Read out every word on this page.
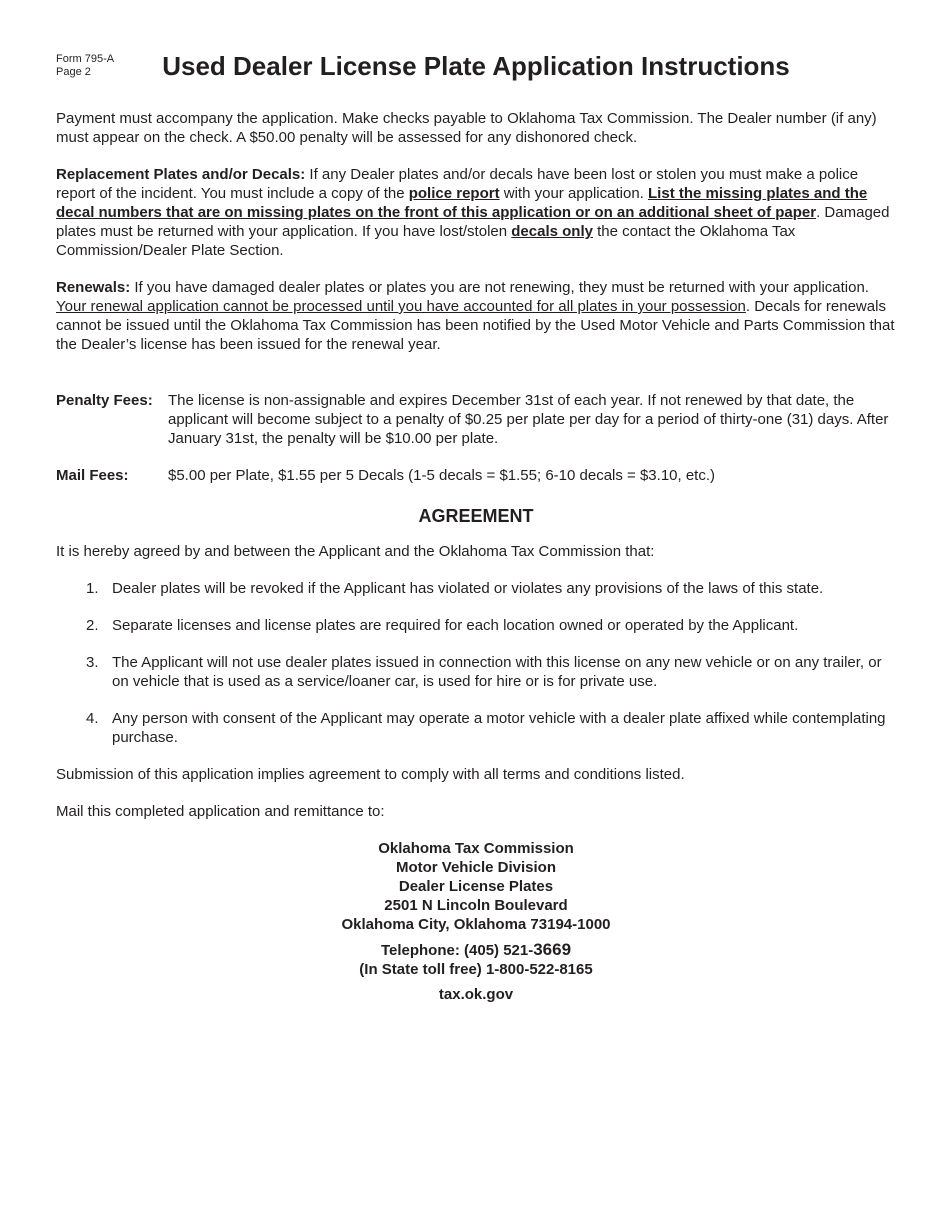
Form 795-A
Page 2	Used Dealer License Plate Application Instructions

Payment must accompany the application. Make checks payable to Oklahoma Tax Commission. The Dealer number (if any) must appear on the check. A $50.00 penalty will be assessed for any dishonored check.

Replacement Plates and/or Decals: If any Dealer plates and/or decals have been lost or stolen you must make a police report of the incident. You must include a copy of the police report with your application. List the missing plates and the decal numbers that are on missing plates on the front of this application or on an additional sheet of paper. Damaged plates must be returned with your application. If you have lost/stolen decals only the contact the Oklahoma Tax Commission/Dealer Plate Section.

Renewals: If you have damaged dealer plates or plates you are not renewing, they must be returned with your application. Your renewal application cannot be processed until you have accounted for all plates in your possession. Decals for renewals cannot be issued until the Oklahoma Tax Commission has been notified by the Used Motor Vehicle and Parts Commission that the Dealer’s license has been issued for the renewal year.

Penalty Fees:	The license is non-assignable and expires December 31st of each year. If not renewed by that date, the applicant will become subject to a penalty of $0.25 per plate per day for a period of thirty-one (31) days. After January 31st, the penalty will be $10.00 per plate.
Mail Fees:	$5.00 per Plate, $1.55 per 5 Decals (1-5 decals = $1.55; 6-10 decals = $3.10, etc.)
AGREEMENT

It is hereby agreed by and between the Applicant and the Oklahoma Tax Commission that:

1. Dealer plates will be revoked if the Applicant has violated or violates any provisions of the laws of this state.
2. Separate licenses and license plates are required for each location owned or operated by the Applicant.
3. The Applicant will not use dealer plates issued in connection with this license on any new vehicle or on any trailer, or on vehicle that is used as a service/loaner car, is used for hire or is for private use.
4. Any person with consent of the Applicant may operate a motor vehicle with a dealer plate affixed while contemplating purchase.

Submission of this application implies agreement to comply with all terms and conditions listed.

Mail this completed application and remittance to:

Oklahoma Tax Commission
Motor Vehicle Division
Dealer License Plates
2501 N Lincoln Boulevard
Oklahoma City, Oklahoma 73194-1000
Telephone: (405) 521-3669
(In State toll free) 1-800-522-8165
tax.ok.gov
